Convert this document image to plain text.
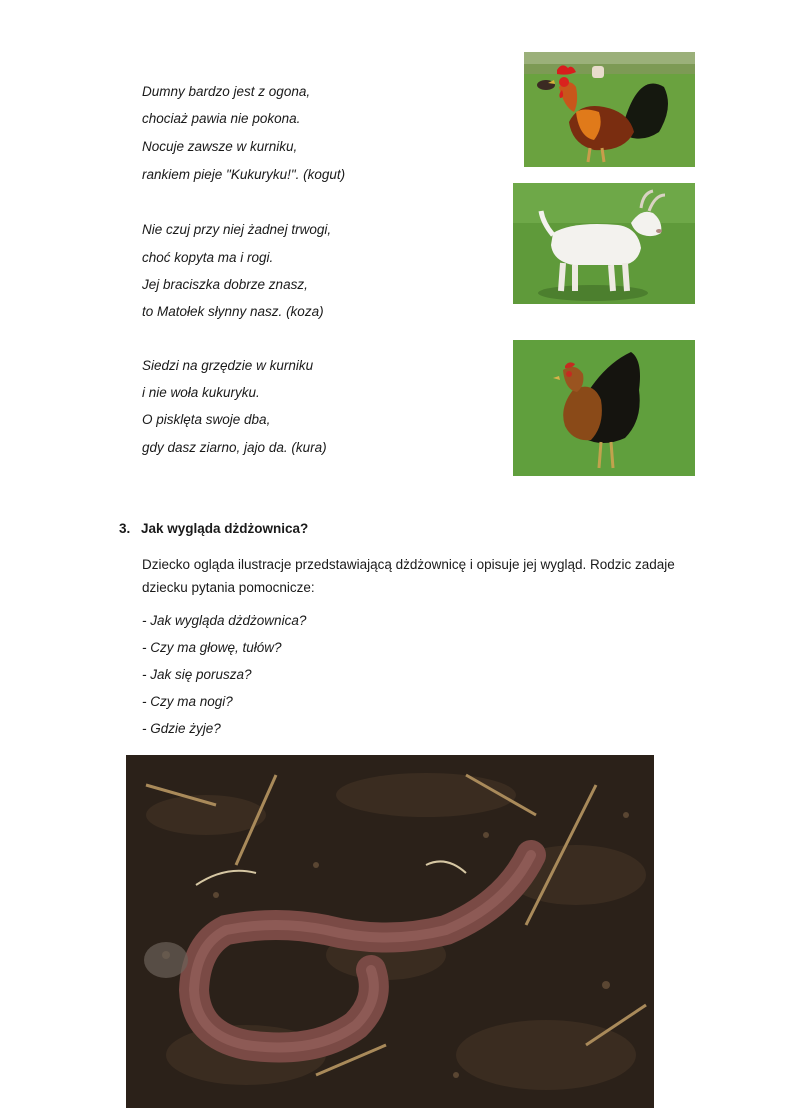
Dumny bardzo jest z ogona,
chociaż pawia nie pokona.
Nocuje zawsze w kurniku,
rankiem pieje "Kukuryku!". (kogut)
Nie czuj przy niej żadnej trwogi,
choć kopyta ma i rogi.
Jej braciszka dobrze znasz,
to Matołek słynny nasz. (koza)
Siedzi na grzędzie w kurniku
i nie woła kukuryku.
O pisklęta swoje dba,
gdy dasz ziarno, jajo da. (kura)
3. Jak wygląda dżdżownica?
Dziecko ogląda ilustracje przedstawiającą dżdżownicę i opisuje jej wygląd. Rodzic zadaje
dziecku pytania pomocnicze:
- Jak wygląda dżdżownica?
- Czy ma głowę, tułów?
- Jak się porusza?
- Czy ma nogi?
- Gdzie żyje?
